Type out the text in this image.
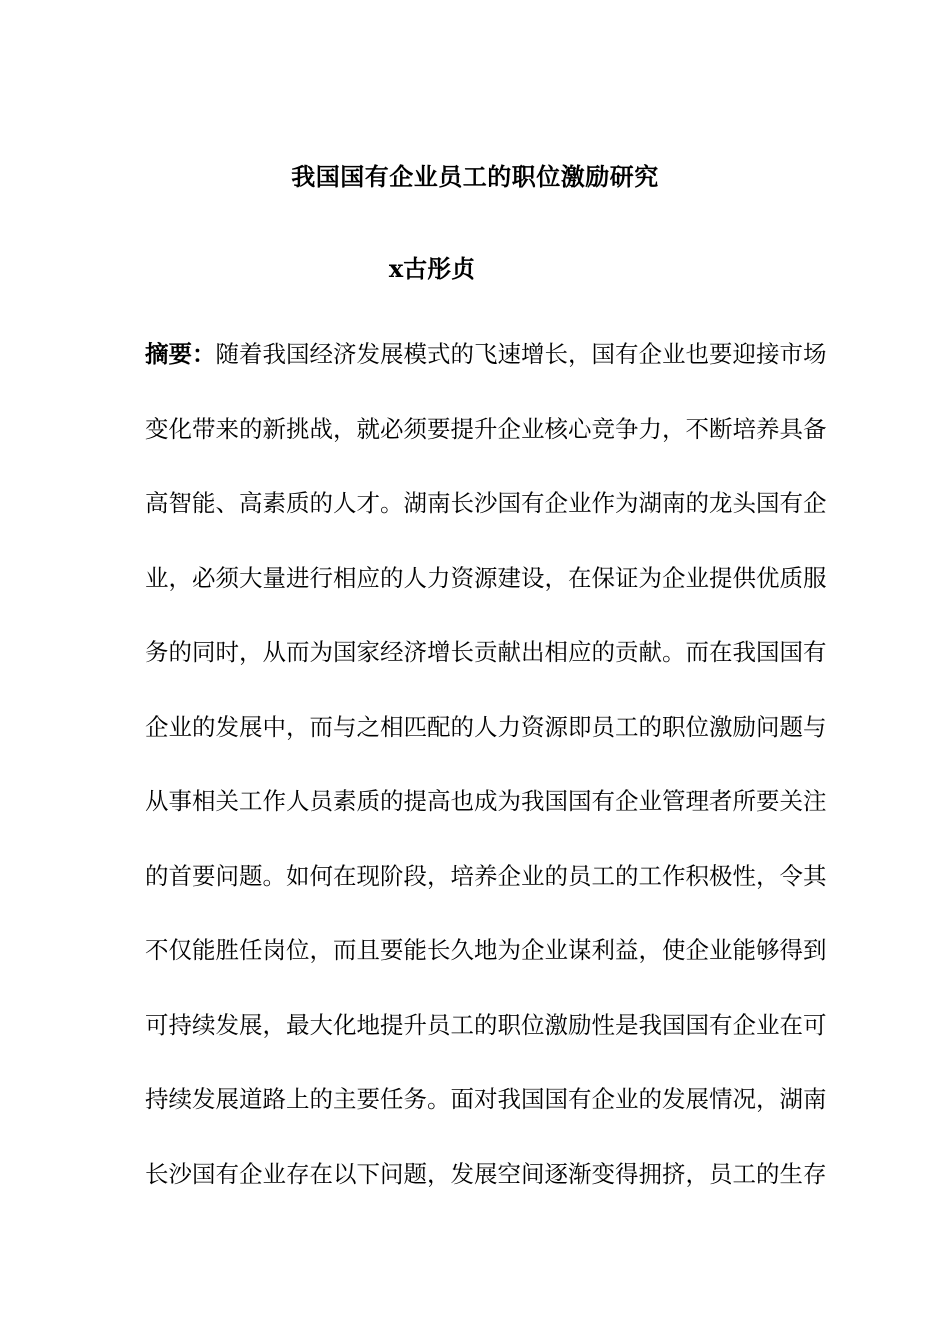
我国国有企业员工的职位激励研究
x古彤贞
摘要：随着我国经济发展模式的飞速增长，国有企业也要迎接市场
变化带来的新挑战，就必须要提升企业核心竞争力，不断培养具备
高智能、高素质的人才。湖南长沙国有企业作为湖南的龙头国有企
业，必须大量进行相应的人力资源建设，在保证为企业提供优质服
务的同时，从而为国家经济增长贡献出相应的贡献。而在我国国有
企业的发展中，而与之相匹配的人力资源即员工的职位激励问题与
从事相关工作人员素质的提高也成为我国国有企业管理者所要关注
的首要问题。如何在现阶段，培养企业的员工的工作积极性，令其
不仅能胜任岗位，而且要能长久地为企业谋利益，使企业能够得到
可持续发展，最大化地提升员工的职位激励性是我国国有企业在可
持续发展道路上的主要任务。面对我国国有企业的发展情况，湖南
长沙国有企业存在以下问题，发展空间逐渐变得拥挤，员工的生存
